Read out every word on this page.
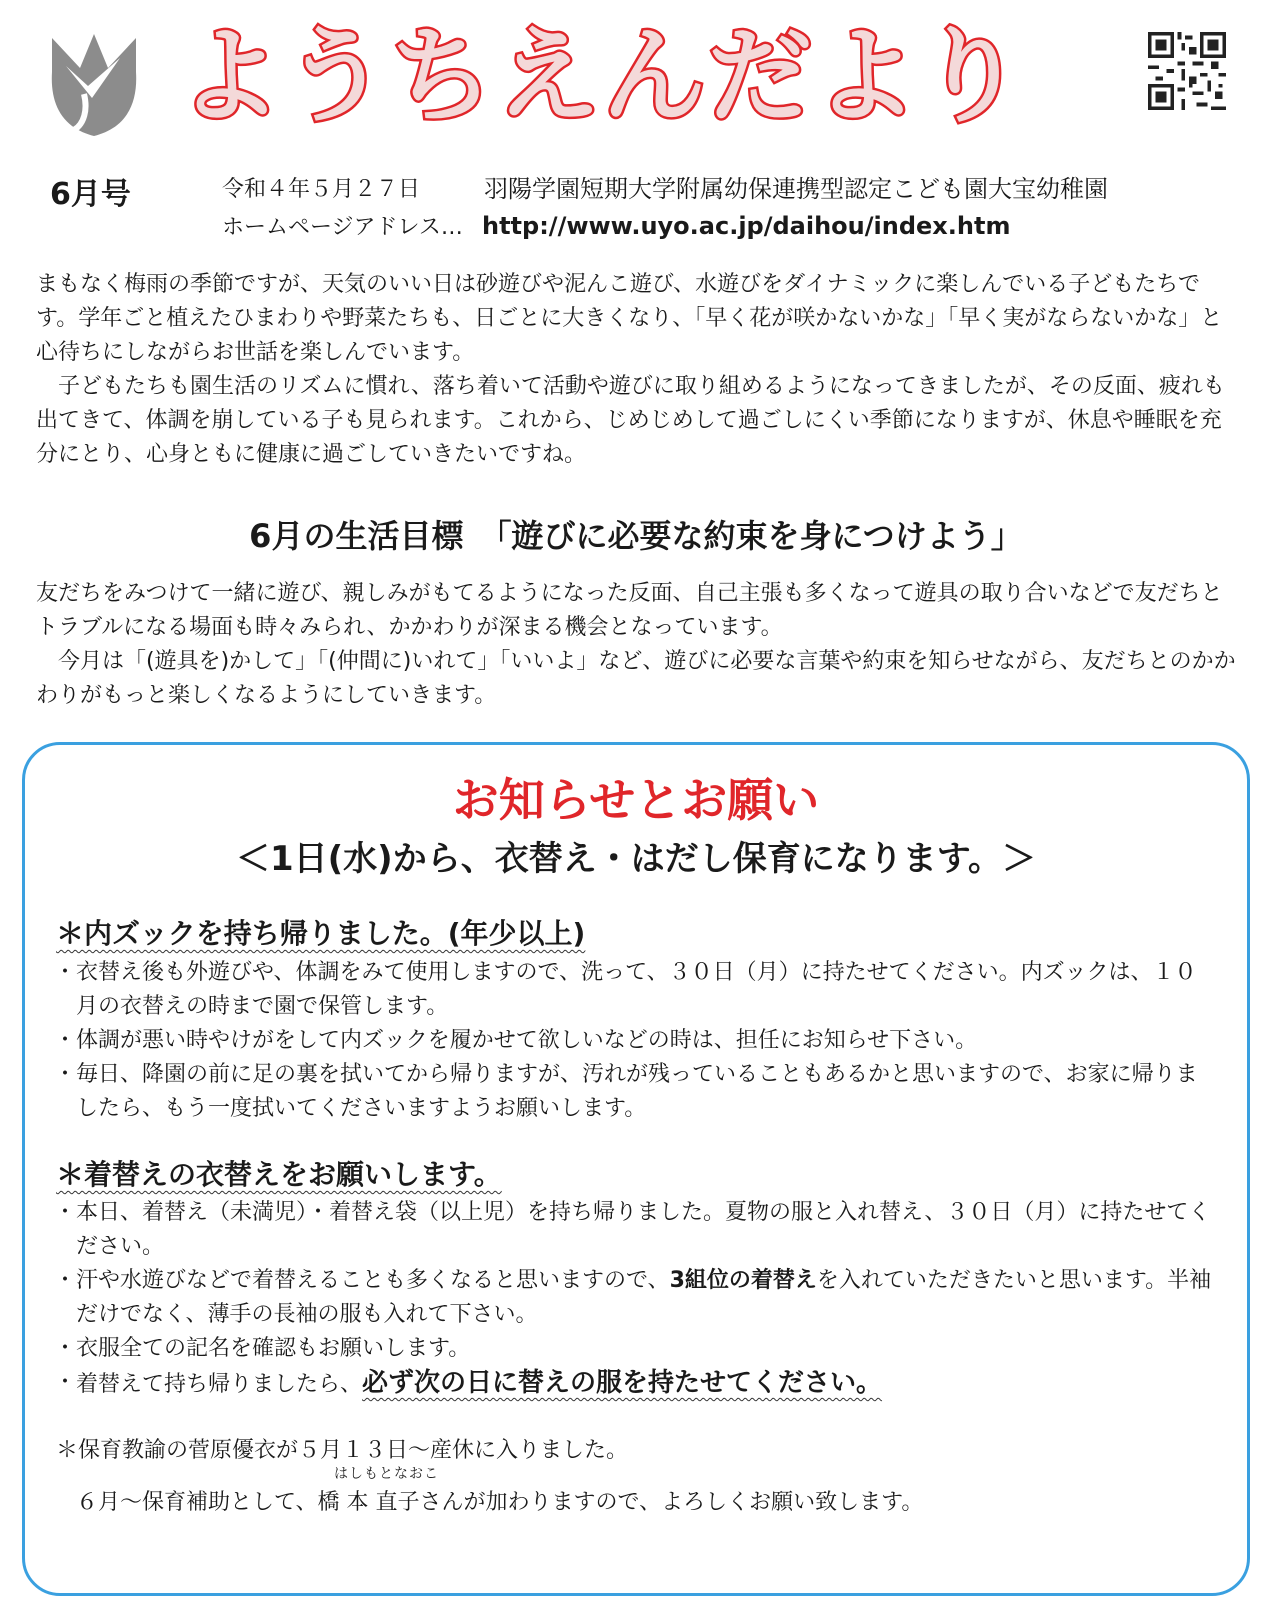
ようちえんだより
6月号	令和４年５月２７日	羽陽学園短期大学附属幼保連携型認定こども園大宝幼稚園
ホームページアドレス… http://www.uyo.ac.jp/daihou/index.htm

まもなく梅雨の季節ですが、天気のいい日は砂遊びや泥んこ遊び、水遊びをダイナミックに楽しんでいる子どもたちです。学年ごと植えたひまわりや野菜たちも、日ごとに大きくなり、「早く花が咲かないかな」「早く実がならないかな」と心待ちにしながらお世話を楽しんでいます。

子どもたちも園生活のリズムに慣れ、落ち着いて活動や遊びに取り組めるようになってきましたが、その反面、疲れも出てきて、体調を崩している子も見られます。これから、じめじめして過ごしにくい季節になりますが、休息や睡眠を充分にとり、心身ともに健康に過ごしていきたいですね。

6月の生活目標　「遊びに必要な約束を身につけよう」

友だちをみつけて一緒に遊び、親しみがもてるようになった反面、自己主張も多くなって遊具の取り合いなどで友だちとトラブルになる場面も時々みられ、かかわりが深まる機会となっています。

今月は「(遊具を)かして」「(仲間に)いれて」「いいよ」など、遊びに必要な言葉や約束を知らせながら、友だちとのかかわりがもっと楽しくなるようにしていきます。

お知らせとお願い
＜1日(水)から、衣替え・はだし保育になります。＞
＊内ズックを持ち帰りました。(年少以上)

・ 衣替え後も外遊びや、体調をみて使用しますので、洗って、３０日（月）に持たせてください。内ズックは、１０月の衣替えの時まで園で保管します。

・ 体調が悪い時やけがをして内ズックを履かせて欲しいなどの時は、担任にお知らせ下さい。

・ 毎日、降園の前に足の裏を拭いてから帰りますが、汚れが残っていることもあるかと思いますので、お家に帰りましたら、もう一度拭いてくださいますようお願いします。

＊着替えの衣替えをお願いします。

・ 本日、着替え（未満児）・着替え袋（以上児）を持ち帰りました。夏物の服と入れ替え、３０日（月）に持たせてください。

・ 汗や水遊びなどで着替えることも多くなると思いますので、3組位の着替えを入れていただきたいと思います。半袖だけでなく、薄手の長袖の服も入れて下さい。

・ 衣服全ての記名を確認もお願いします。

・ 着替えて持ち帰りましたら、必ず次の日に替えの服を持たせてください。

＊保育教諭の菅原優衣が５月１３日～産休に入りました。
はしもとなおこ
６月～保育補助として、橋 本 直子さんが加わりますので、よろしくお願い致します。
